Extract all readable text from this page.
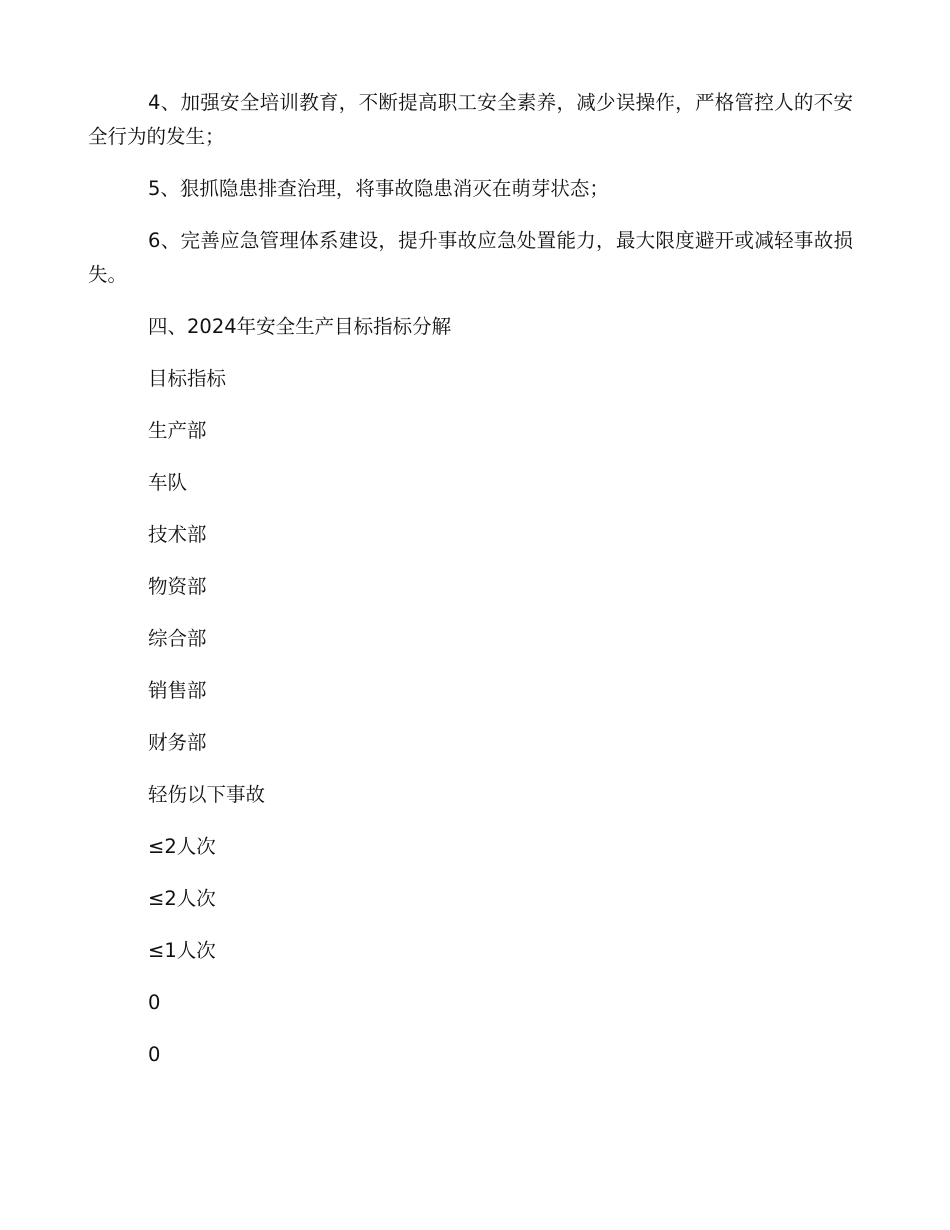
4、加强安全培训教育，不断提高职工安全素养，减少误操作，严格管控人的不安全行为的发生；

5、狠抓隐患排查治理，将事故隐患消灭在萌芽状态；

6、完善应急管理体系建设，提升事故应急处置能力，最大限度避开或减轻事故损失。

四、2024年安全生产目标指标分解

目标指标

生产部

车队

技术部

物资部

综合部

销售部

财务部

轻伤以下事故

≤2人次

≤2人次

≤1人次

0

0
